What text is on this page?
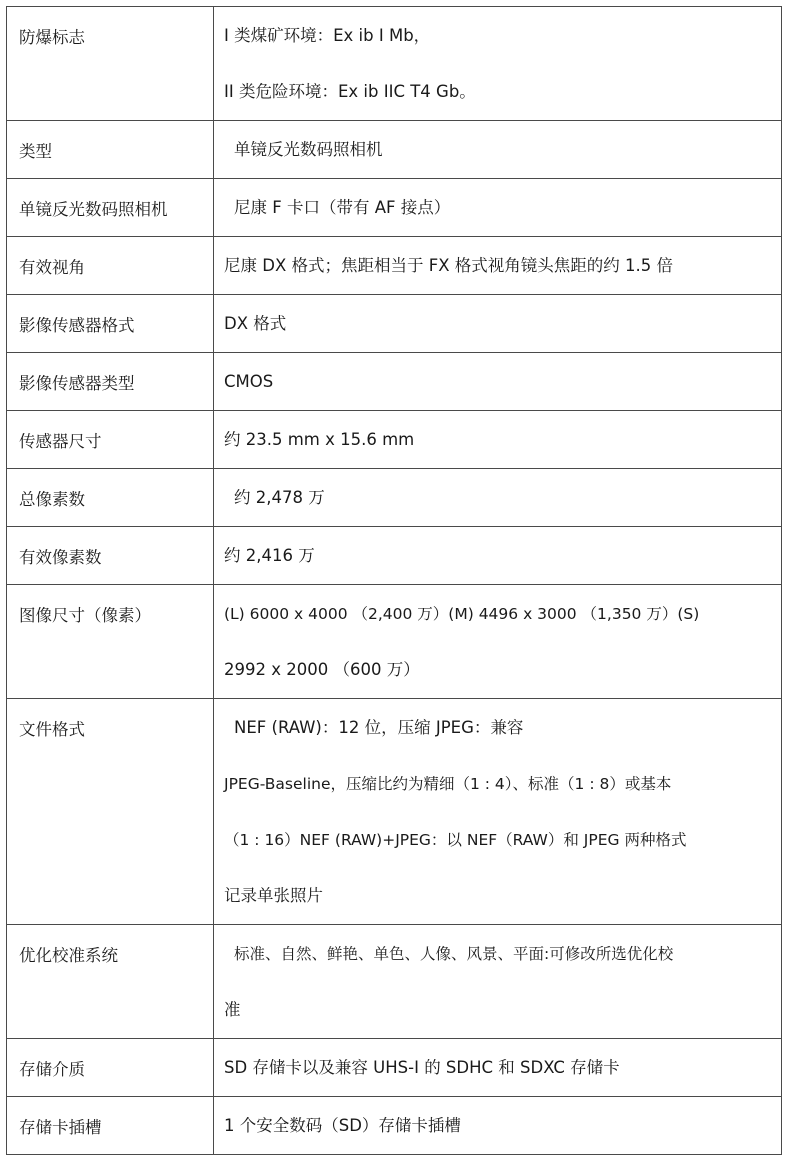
防爆标志	I 类煤矿环境：Ex ib I Mb，
II 类危险环境：Ex ib IIC T4 Gb。

类型	单镜反光数码照相机

单镜反光数码照相机	尼康 F 卡口（带有 AF 接点）

有效视角	尼康 DX 格式；焦距相当于 FX 格式视角镜头焦距的约 1.5 倍

影像传感器格式	DX 格式

影像传感器类型	CMOS

传感器尺寸	约 23.5 mm x 15.6 mm

总像素数	约 2,478 万

有效像素数	约 2,416 万

图像尺寸（像素）	(L) 6000 x 4000 （2,400 万）(M) 4496 x 3000 （1,350 万）(S)
2992 x 2000 （600 万）

文件格式	NEF (RAW)：12 位，压缩 JPEG：兼容
JPEG-Baseline，压缩比约为精细（1 : 4）、标准（1 : 8）或基本
（1 : 16）NEF (RAW)+JPEG：以 NEF（RAW）和 JPEG 两种格式
记录单张照片

优化校准系统	标准、自然、鲜艳、单色、人像、风景、平面:可修改所选优化校
准

存储介质	SD 存储卡以及兼容 UHS-I 的 SDHC 和 SDXC 存储卡

存储卡插槽	1 个安全数码（SD）存储卡插槽
